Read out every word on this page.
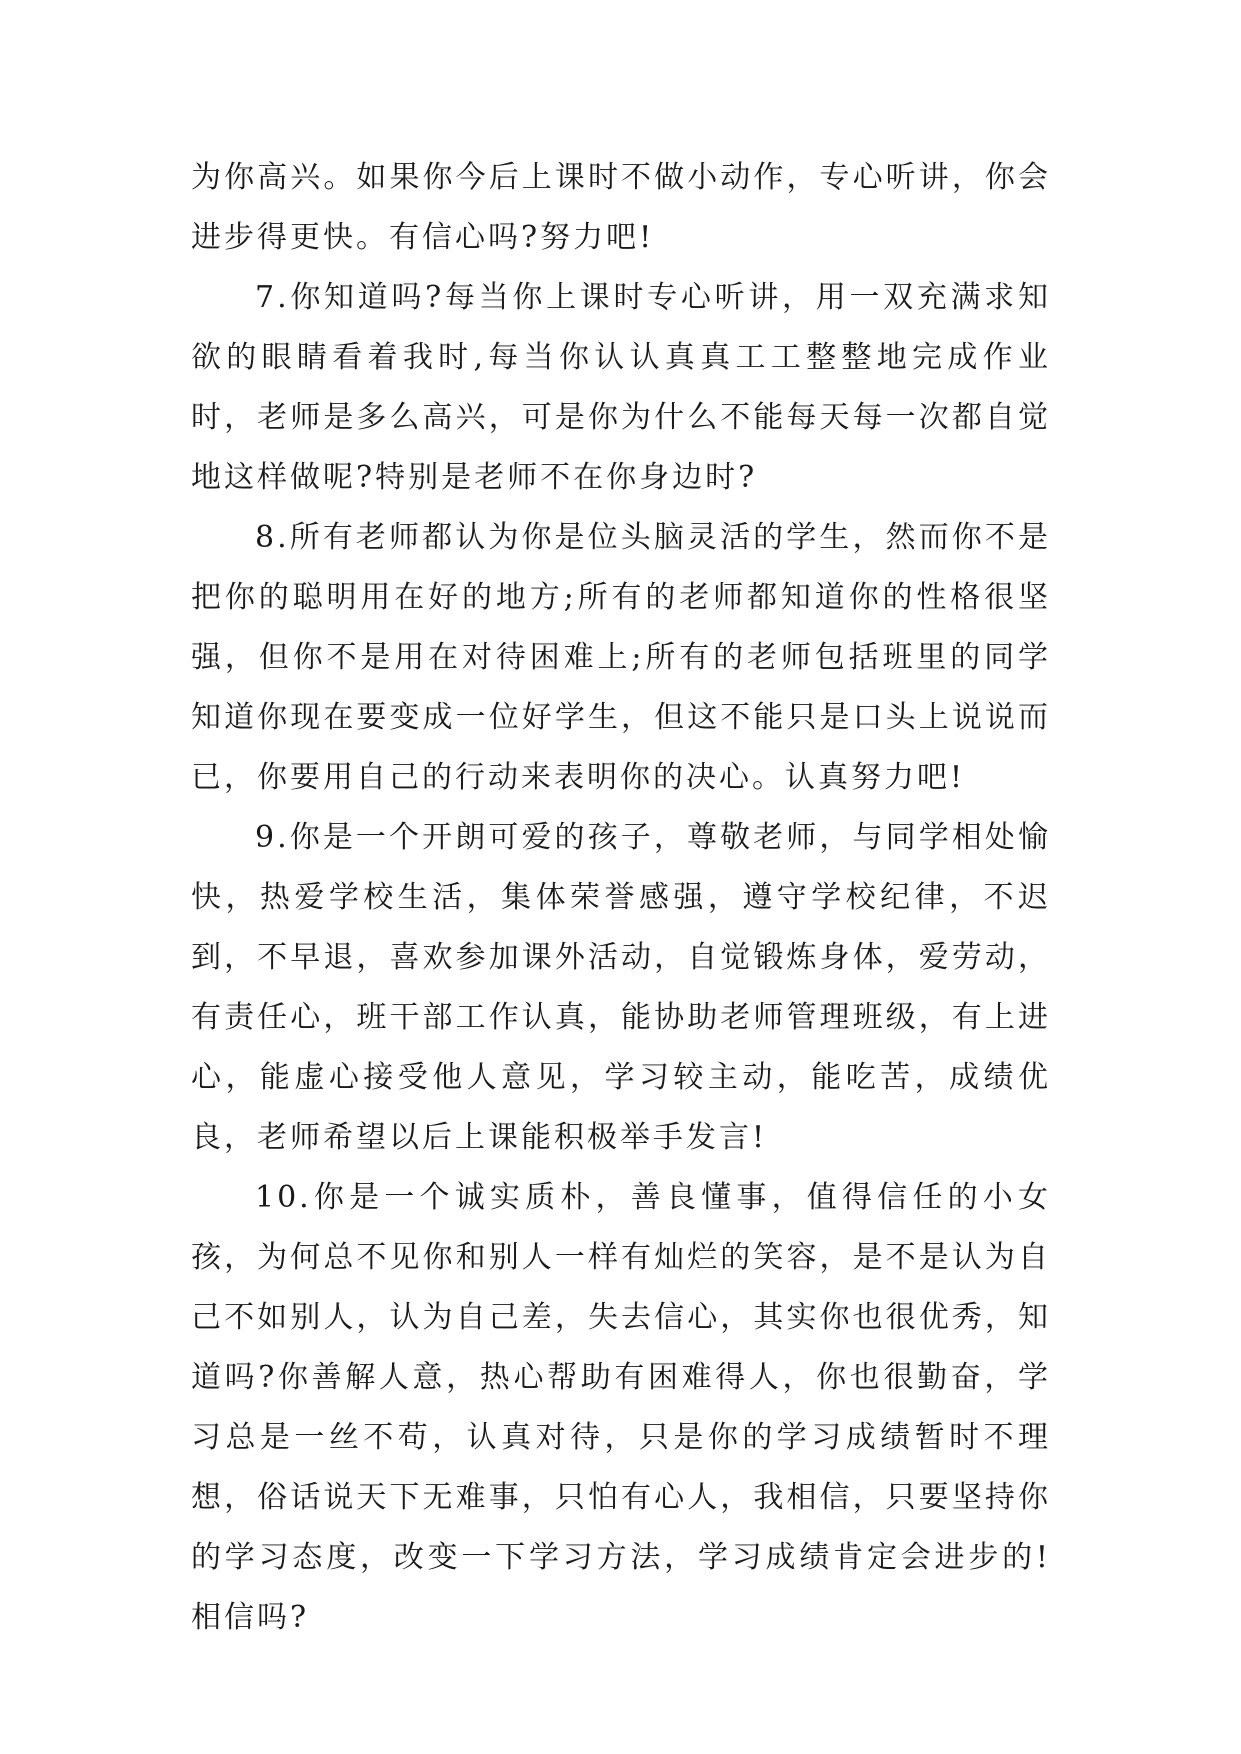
为你高兴。如果你今后上课时不做小动作，专心听讲，你会进步得更快。有信心吗?努力吧!

7.你知道吗?每当你上课时专心听讲，用一双充满求知欲的眼睛看着我时,每当你认认真真工工整整地完成作业时，老师是多么高兴，可是你为什么不能每天每一次都自觉地这样做呢?特别是老师不在你身边时?

8.所有老师都认为你是位头脑灵活的学生，然而你不是把你的聪明用在好的地方;所有的老师都知道你的性格很坚强，但你不是用在对待困难上;所有的老师包括班里的同学知道你现在要变成一位好学生，但这不能只是口头上说说而已，你要用自己的行动来表明你的决心。认真努力吧!

9.你是一个开朗可爱的孩子，尊敬老师，与同学相处愉快，热爱学校生活，集体荣誉感强，遵守学校纪律，不迟到，不早退，喜欢参加课外活动，自觉锻炼身体，爱劳动，有责任心，班干部工作认真，能协助老师管理班级，有上进心，能虚心接受他人意见，学习较主动，能吃苦，成绩优良，老师希望以后上课能积极举手发言!

10.你是一个诚实质朴，善良懂事，值得信任的小女孩，为何总不见你和别人一样有灿烂的笑容，是不是认为自己不如别人，认为自己差，失去信心，其实你也很优秀，知道吗?你善解人意，热心帮助有困难得人，你也很勤奋，学习总是一丝不苟，认真对待，只是你的学习成绩暂时不理想，俗话说天下无难事，只怕有心人，我相信，只要坚持你的学习态度，改变一下学习方法，学习成绩肯定会进步的!相信吗?
